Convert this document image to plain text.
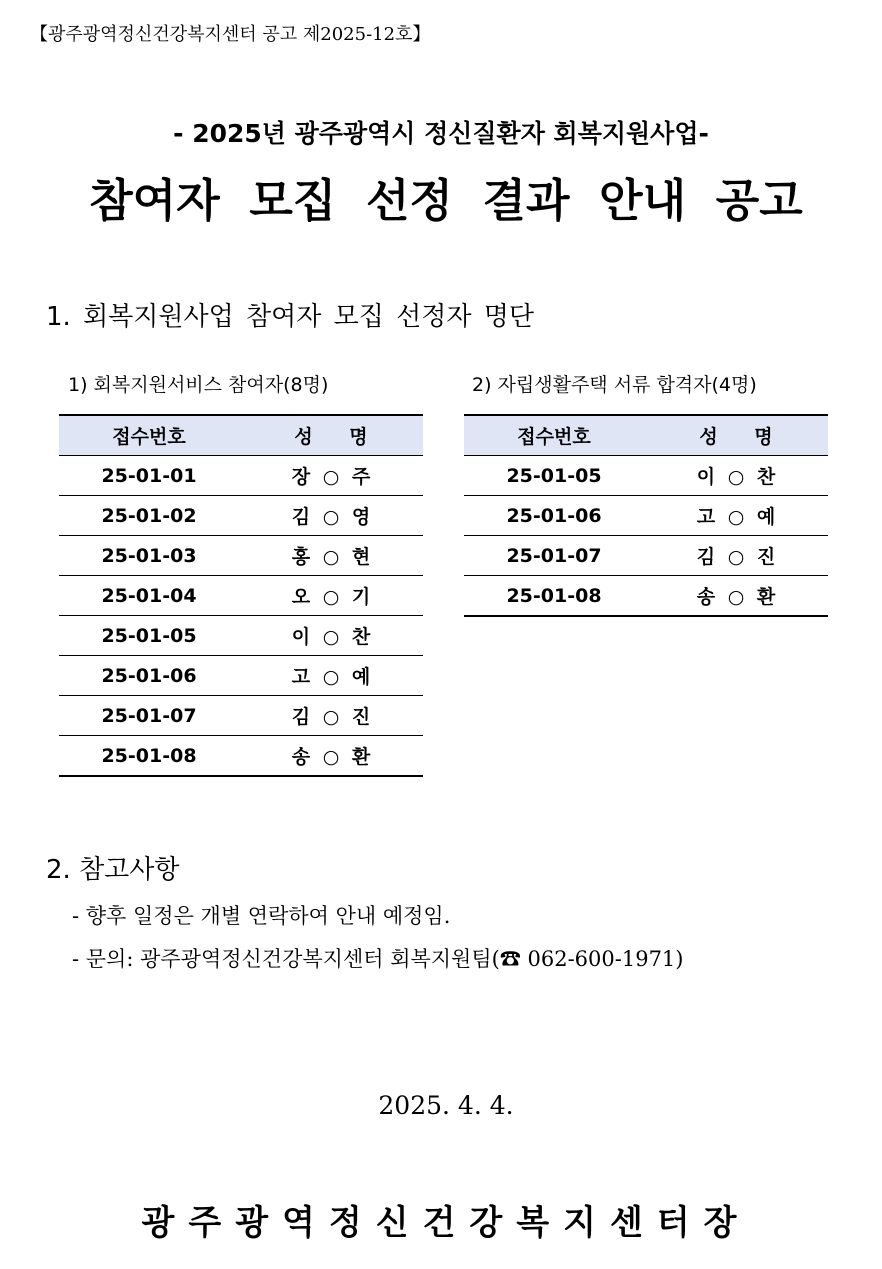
【광주광역정신건강복지센터 공고 제2025-12호】
- 2025년 광주광역시 정신질환자 회복지원사업-
참여자 모집 선정 결과 안내 공고
1. 회복지원사업 참여자 모집 선정자 명단
1) 회복지원서비스 참여자(8명)
접수번호	성 명
25-01-01	장 ○ 주
25-01-02	김 ○ 영
25-01-03	홍 ○ 현
25-01-04	오 ○ 기
25-01-05	이 ○ 찬
25-01-06	고 ○ 예
25-01-07	김 ○ 진
25-01-08	송 ○ 환
2) 자립생활주택 서류 합격자(4명)
접수번호	성 명
25-01-05	이 ○ 찬
25-01-06	고 ○ 예
25-01-07	김 ○ 진
25-01-08	송 ○ 환
2. 참고사항
- 향후 일정은 개별 연락하여 안내 예정임.
- 문의: 광주광역정신건강복지센터 회복지원팀(☎ 062-600-1971)
2025. 4. 4.
광주광역정신건강복지센터장
